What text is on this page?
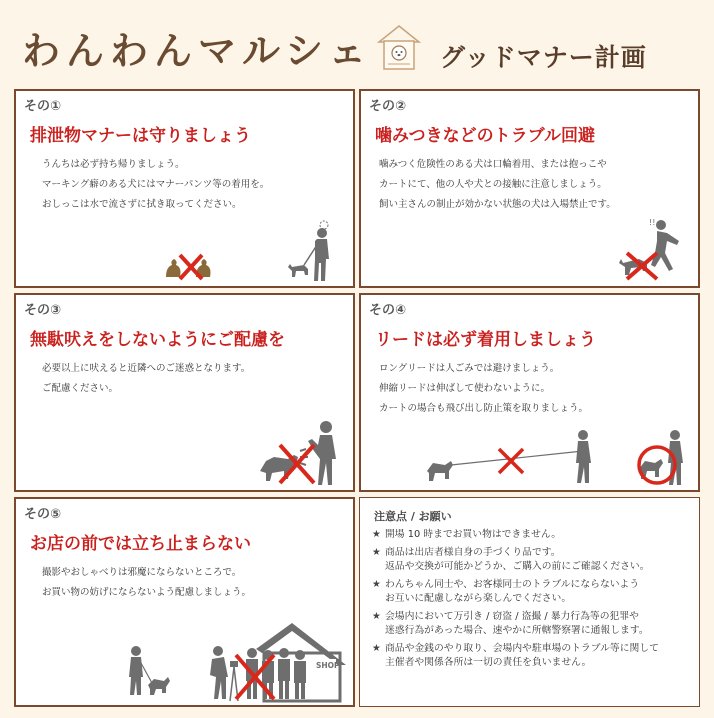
わんわんマルシェ	グッドマナー計画
その①
排泄物マナーは守りましょう
うんちは必ず持ち帰りましょう。
マーキング癖のある犬にはマナーパンツ等の着用を。
おしっこは水で流さずに拭き取ってください。
その②
噛みつきなどのトラブル回避
噛みつく危険性のある犬は口輪着用、または抱っこや
カートにて、他の人や犬との接触に注意しましょう。
飼い主さんの制止が効かない状態の犬は入場禁止です。
!!
その③
無駄吠えをしないようにご配慮を
必要以上に吠えると近隣へのご迷惑となります。
ご配慮ください。
その④
リードは必ず着用しましょう
ロングリードは人ごみでは避けましょう。
伸縮リードは伸ばして使わないように。
カートの場合も飛び出し防止策を取りましょう。
その⑤
お店の前では立ち止まらない
撮影やおしゃべりは邪魔にならないところで。
お買い物の妨げにならないよう配慮しましょう。
SHOP
注意点 / お願い
★ 開場 10 時までお買い物はできません。
★ 商品は出店者様自身の手づくり品です。
返品や交換が可能かどうか、ご購入の前にご確認ください。
★ わんちゃん同士や、お客様同士のトラブルにならないよう
お互いに配慮しながら楽しんでください。
★ 会場内において万引き / 窃盗 / 盗撮 / 暴力行為等の犯罪や
迷惑行為があった場合、速やかに所轄警察署に通報します。
★ 商品や金銭のやり取り、会場内や駐車場のトラブル等に関して
主催者や関係各所は一切の責任を負いません。
